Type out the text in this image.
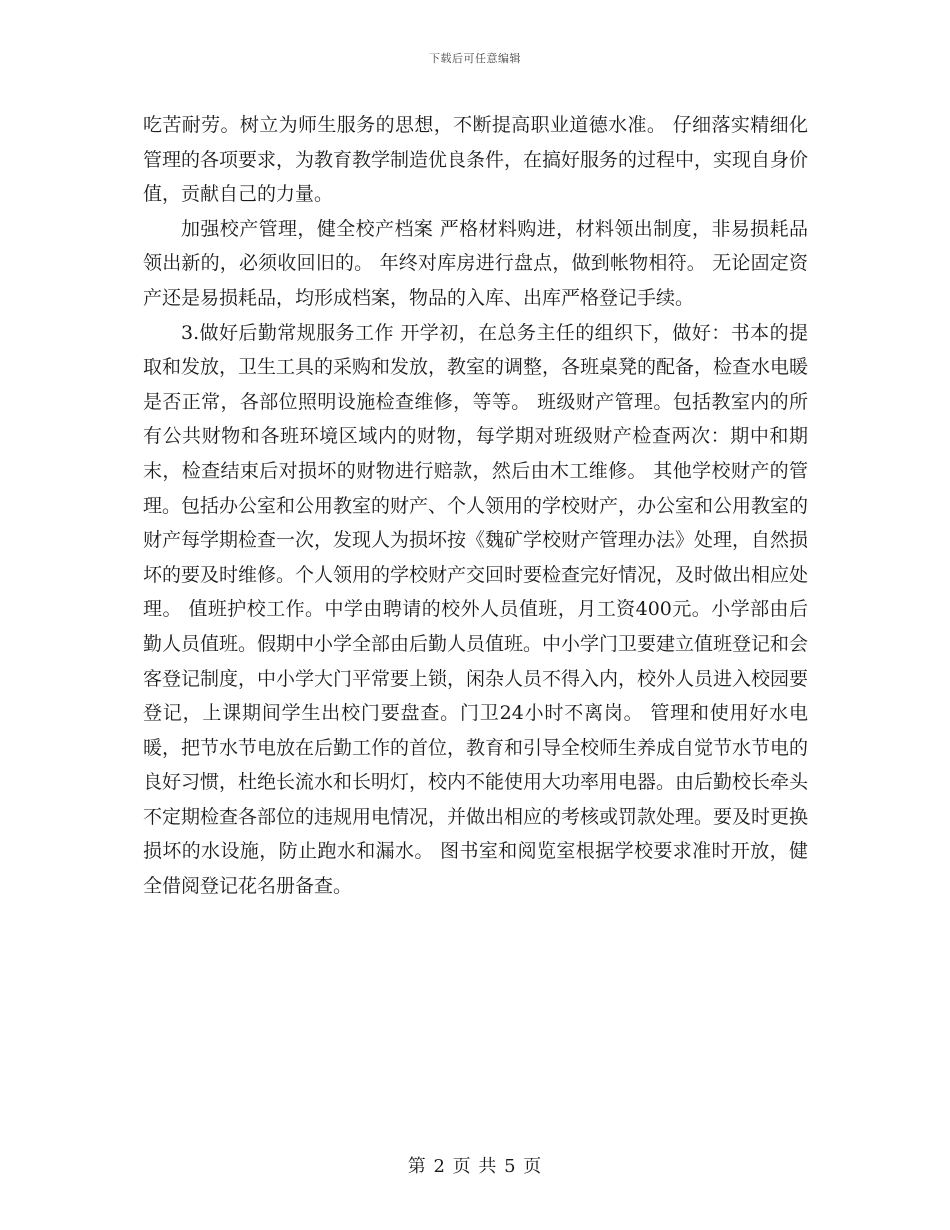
下载后可任意编辑

吃苦耐劳。树立为师生服务的思想，不断提高职业道德水准。 仔细落实精细化管理的各项要求，为教育教学制造优良条件，在搞好服务的过程中，实现自身价值，贡献自己的力量。

加强校产管理，健全校产档案 严格材料购进，材料领出制度，非易损耗品领出新的，必须收回旧的。 年终对库房进行盘点，做到帐物相符。 无论固定资产还是易损耗品，均形成档案，物品的入库、出库严格登记手续。

3.做好后勤常规服务工作 开学初，在总务主任的组织下，做好：书本的提取和发放，卫生工具的采购和发放，教室的调整，各班桌凳的配备，检查水电暖是否正常，各部位照明设施检查维修，等等。 班级财产管理。包括教室内的所有公共财物和各班环境区域内的财物，每学期对班级财产检查两次：期中和期末，检查结束后对损坏的财物进行赔款，然后由木工维修。 其他学校财产的管理。包括办公室和公用教室的财产、个人领用的学校财产，办公室和公用教室的财产每学期检查一次，发现人为损坏按《魏矿学校财产管理办法》处理，自然损坏的要及时维修。个人领用的学校财产交回时要检查完好情况，及时做出相应处理。 值班护校工作。中学由聘请的校外人员值班，月工资400元。小学部由后勤人员值班。假期中小学全部由后勤人员值班。中小学门卫要建立值班登记和会客登记制度，中小学大门平常要上锁，闲杂人员不得入内，校外人员进入校园要登记，上课期间学生出校门要盘查。门卫24小时不离岗。 管理和使用好水电暖，把节水节电放在后勤工作的首位，教育和引导全校师生养成自觉节水节电的良好习惯，杜绝长流水和长明灯，校内不能使用大功率用电器。由后勤校长牵头不定期检查各部位的违规用电情况，并做出相应的考核或罚款处理。要及时更换损坏的水设施，防止跑水和漏水。 图书室和阅览室根据学校要求准时开放，健全借阅登记花名册备查。

第 2 页 共 5 页
